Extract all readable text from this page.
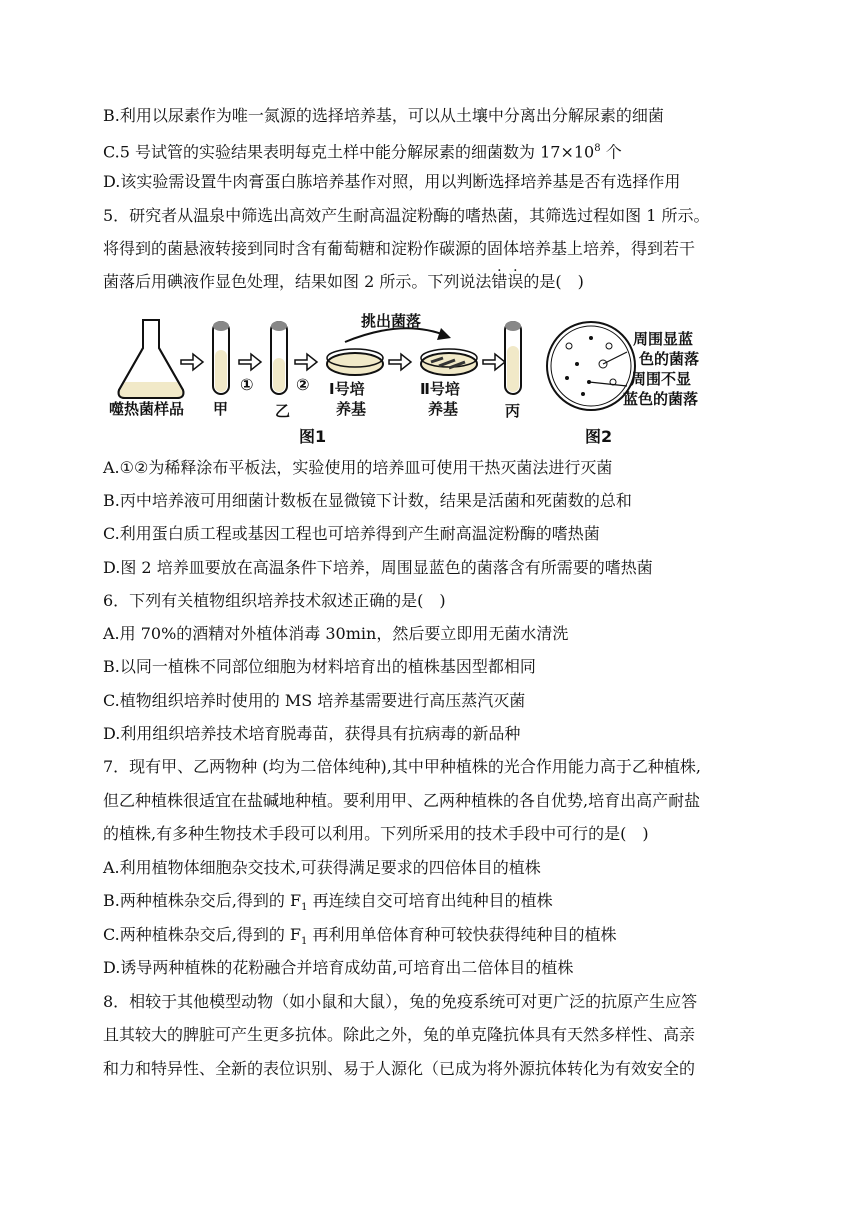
B.利用以尿素作为唯一氮源的选择培养基，可以从土壤中分离出分解尿素的细菌
C.5 号试管的实验结果表明每克土样中能分解尿素的细菌数为 $17\times 10^8$ 个
D.该实验需设置牛肉膏蛋白胨培养基作对照，用以判断选择培养基是否有选择作用
5．研究者从温泉中筛选出高效产生耐高温淀粉酶的嗜热菌，其筛选过程如图 1 所示。
将得到的菌悬液转接到同时含有葡萄糖和淀粉作碳源的固体培养基上培养，得到若干
菌落后用碘液作显色处理，结果如图 2 所示。下列说法错误的是(　)
噬热菌样品 甲
①
乙
② Ⅰ号培
养基
挑出菌落
Ⅱ号培
养基	丙
周围显蓝
色的菌落
周围不显
蓝色的菌落
图1	图2
A.①②为稀释涂布平板法，实验使用的培养皿可使用干热灭菌法进行灭菌
B.丙中培养液可用细菌计数板在显微镜下计数，结果是活菌和死菌数的总和
C.利用蛋白质工程或基因工程也可培养得到产生耐高温淀粉酶的嗜热菌
D.图 2 培养皿要放在高温条件下培养，周围显蓝色的菌落含有所需要的嗜热菌
6．下列有关植物组织培养技术叙述正确的是(　)
A.用 70%的酒精对外植体消毒 30min，然后要立即用无菌水清洗
B.以同一植株不同部位细胞为材料培育出的植株基因型都相同
C.植物组织培养时使用的 MS 培养基需要进行高压蒸汽灭菌
D.利用组织培养技术培育脱毒苗，获得具有抗病毒的新品种
7．现有甲、乙两物种 (均为二倍体纯种),其中甲种植株的光合作用能力高于乙种植株,
但乙种植株很适宜在盐碱地种植。要利用甲、乙两种植株的各自优势,培育出高产耐盐
的植株,有多种生物技术手段可以利用。下列所采用的技术手段中可行的是(　)
A.利用植物体细胞杂交技术,可获得满足要求的四倍体目的植株
B.两种植株杂交后,得到的 $F_1$ 再连续自交可培育出纯种目的植株
C.两种植株杂交后,得到的 $F_1$ 再利用单倍体育种可较快获得纯种目的植株
D.诱导两种植株的花粉融合并培育成幼苗,可培育出二倍体目的植株
8．相较于其他模型动物（如小鼠和大鼠），兔的免疫系统可对更广泛的抗原产生应答
且其较大的脾脏可产生更多抗体。除此之外，兔的单克隆抗体具有天然多样性、高亲
和力和特异性、全新的表位识别、易于人源化（已成为将外源抗体转化为有效安全的
